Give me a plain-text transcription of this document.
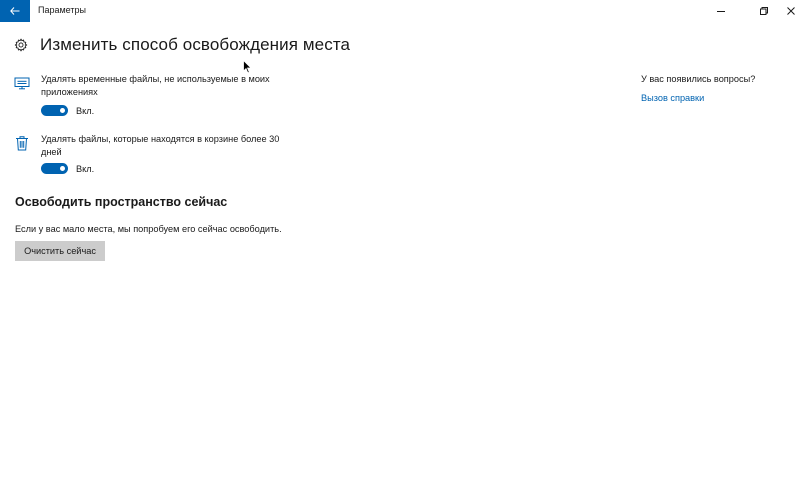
Параметры
Изменить способ освобождения места
Удалять временные файлы, не используемые в моих приложениях
Вкл.
Удалять файлы, которые находятся в корзине более 30 дней
Вкл.
Освободить пространство сейчас

Если у вас мало места, мы попробуем его сейчас освободить.

Очистить сейчас
У вас появились вопросы?
Вызов справки
